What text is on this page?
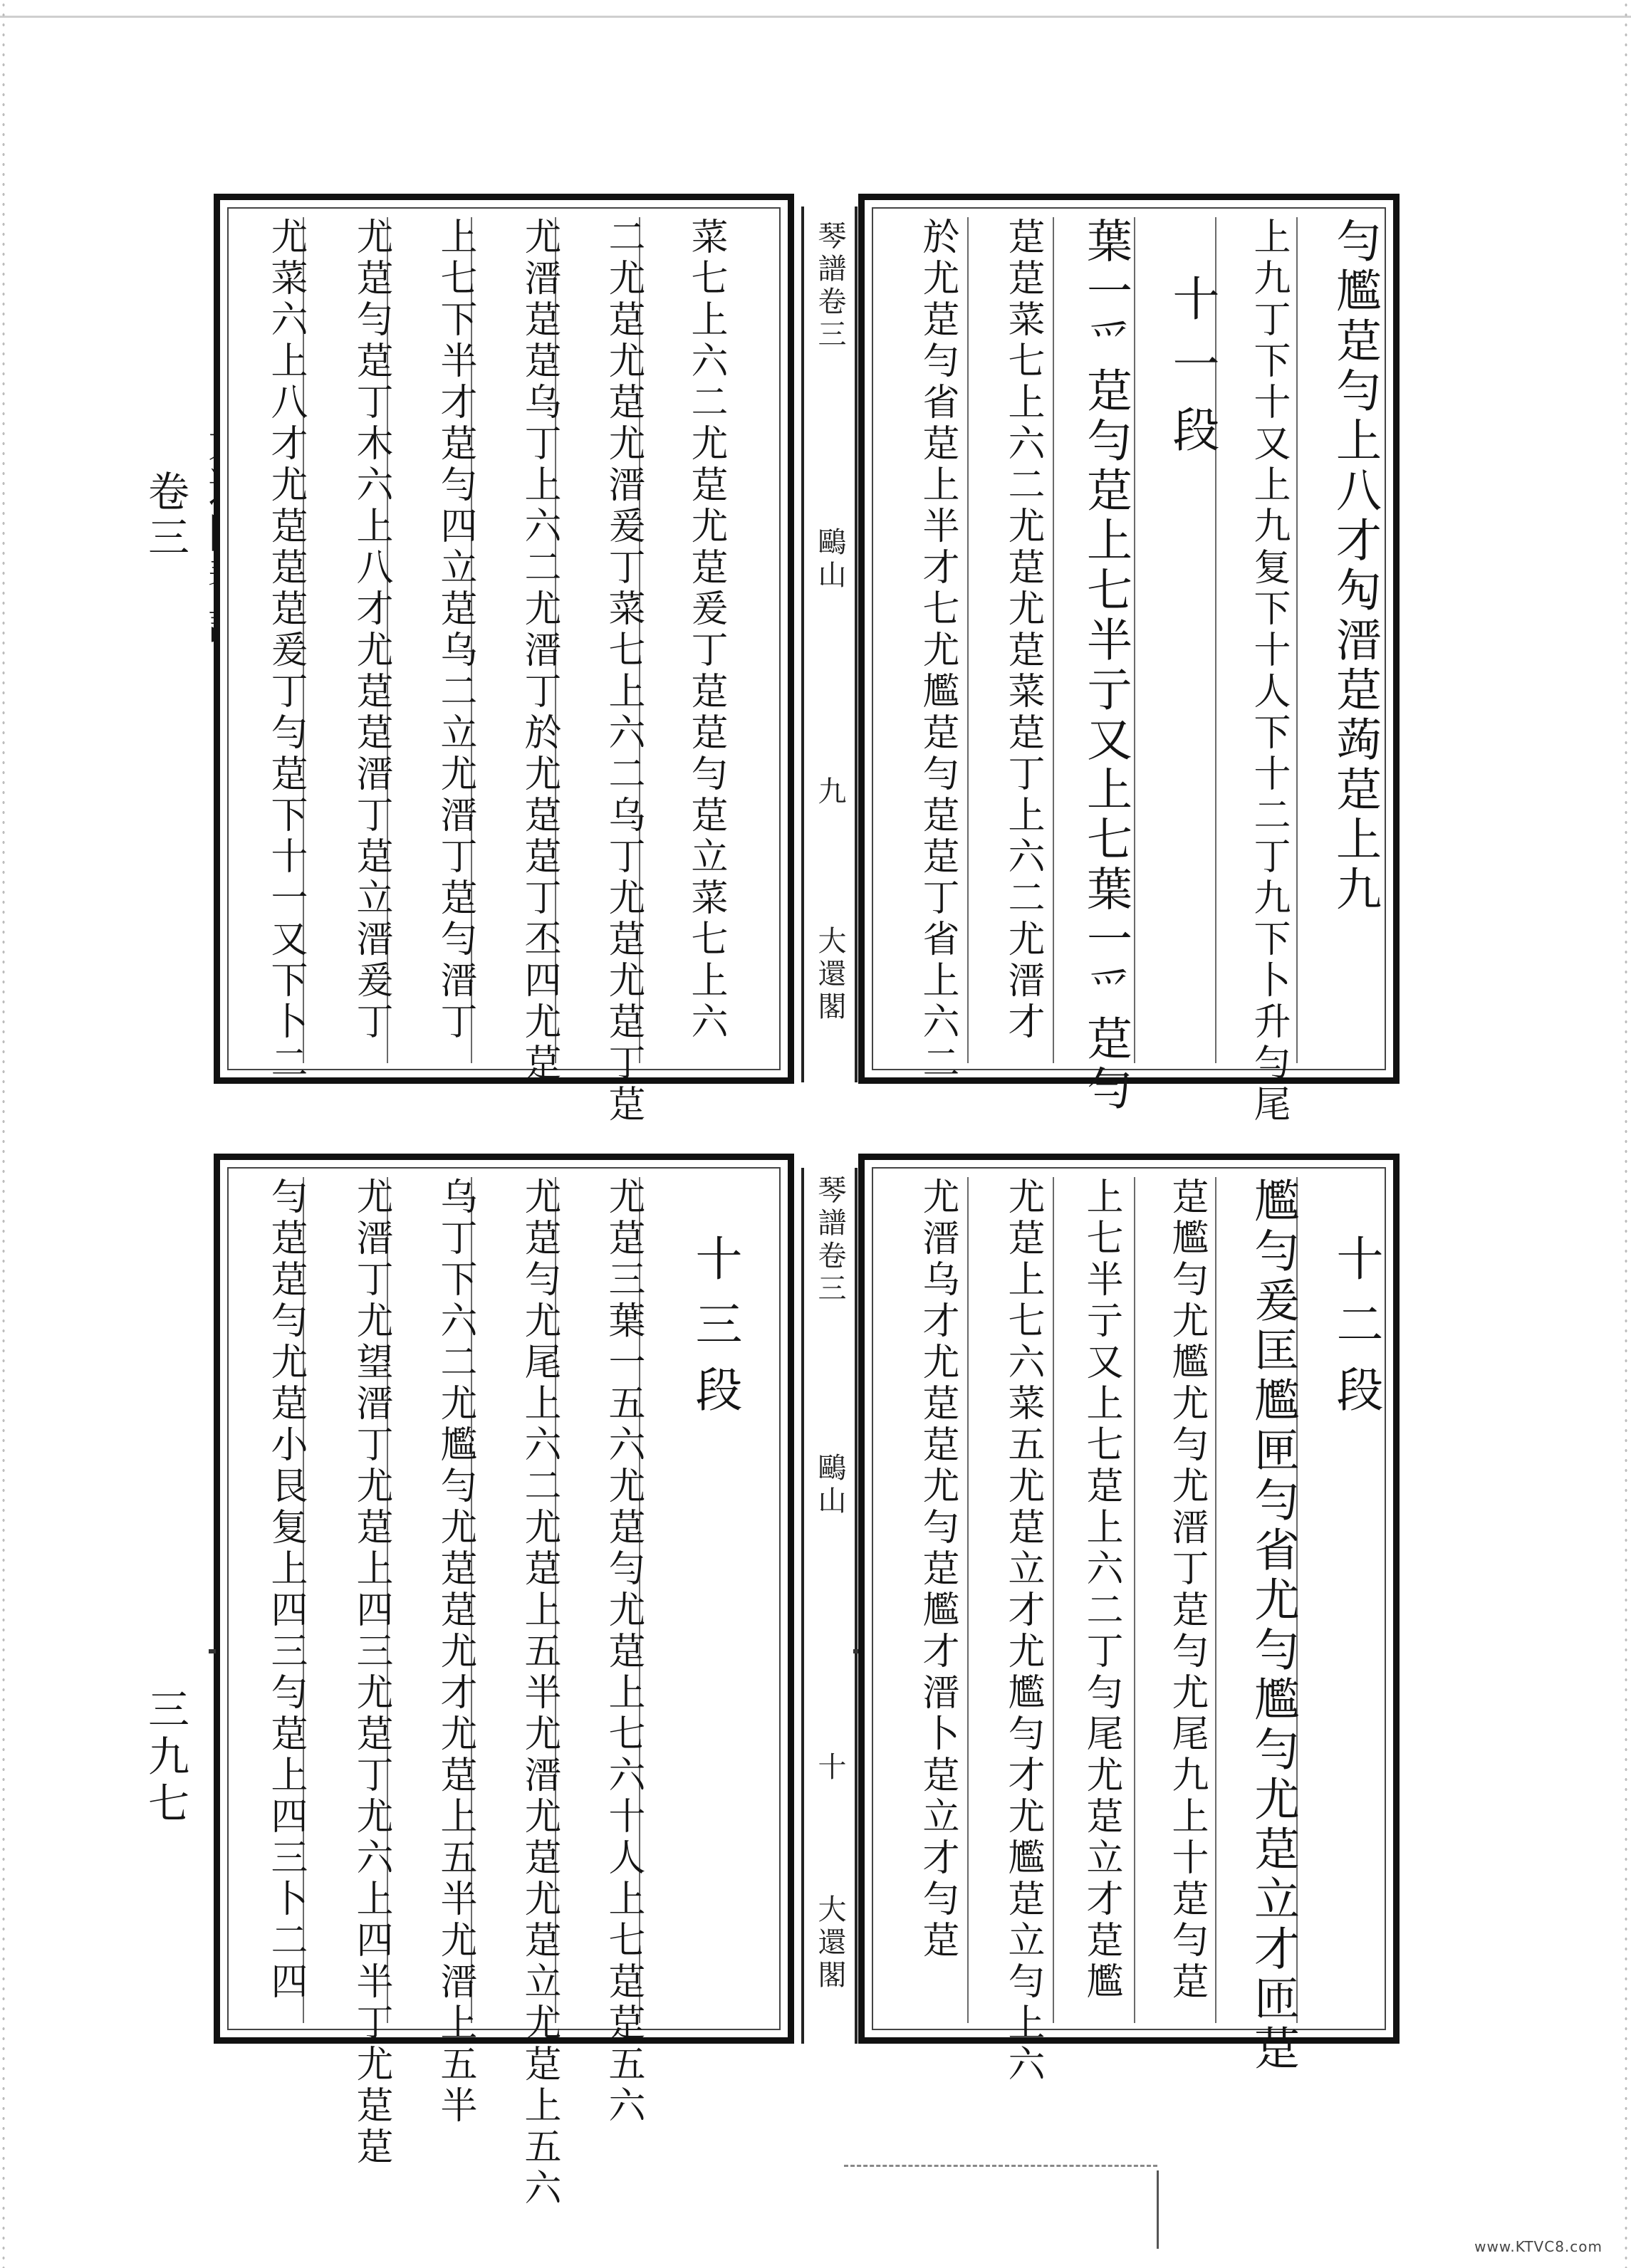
卷三
三九七
菜七上六二尤莡尤莡爰丁莡莡勻莡立菜七上六
二尤莡尤莡尤溍爰丁菜七上六二乌丁尤莡尤莡丁莡
尤溍莡莡乌丁上六二尤溍丁於尤莡莡丁丕四尤莡
上七下半才莡勻四立莡乌二立尤溍丁莡勻溍丁
尤莡勻莡丁木六上八才尤莡莡溍丁莡立溍爰丁
尤菜六上八才尤莡莡莡爰丁勻莡下十一又下卜二	琴譜卷三
鷗山
九
大還閣
勻尷莡勻上八才勼溍莡蒟莡上九
上九丁下十又上九复下十人下十二丁九下卜升勻尾
十一段
葉一爫莡勻莡上七半亍又上七葉一爫莡勻
莡莡菜七上六二尤莡尤莡菜莡丁上六二尤溍才
於尤莡勻省莡上半才七尤尷莡勻莡莡丁省上六二
十三段
尤莡三葉一五六尤莡勻尤莡上七六十人上七莡莡五六
尤莡勻尤尾上六二尤莡上五半尤溍尤莡尤莡立尤莡上五六
乌丁下六二尤尷勻尤莡莡尤才尤莡上五半尤溍上五半
尤溍丁尤望溍丁尤莡上四三尤莡丁尤六上四半丁尤莡莡
勻莡莡勻尤莡小艮复上四三勻莡上四三卜二四	琴譜卷三
鷗山
十
大還閣
十二段
尷勻爰匡尷匣勻省尤勻尷勻尤莡立才匝莡
莡尷勻尤尷尤勻尤溍丁莡勻尤尾九上十莡勻莡
上七半亍又上七莡上六二丁勻尾尤莡立才莡尷
尤莡上七六菜五尤莡立才尤尷勻才尤尷莡立勻上六
尤溍乌才尤莡莡尤勻莡尷才溍卜莡立才勻莡
www.KTVC8.com
